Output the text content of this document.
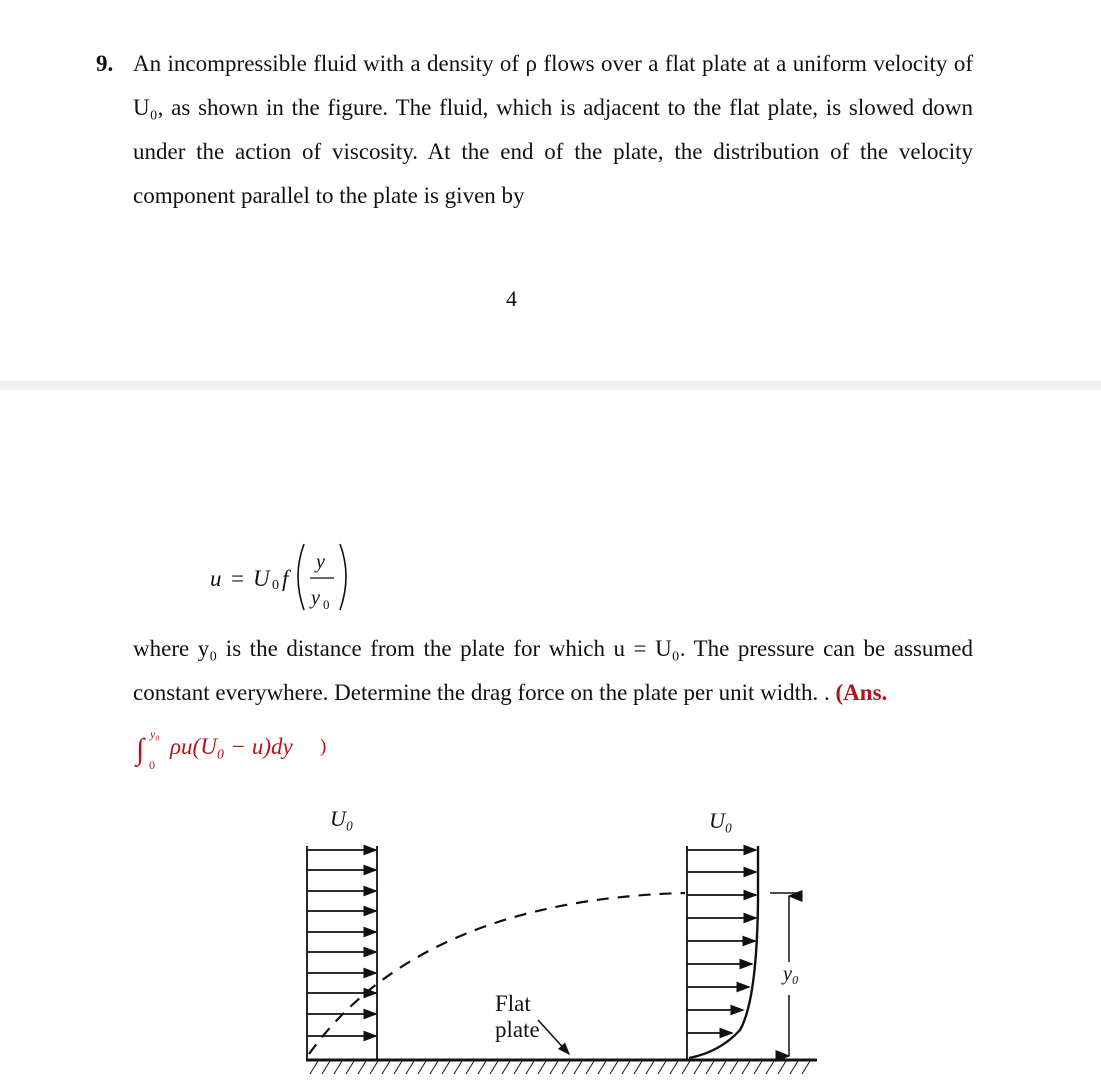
9. An incompressible fluid with a density of ρ flows over a flat plate at a uniform velocity of U₀, as shown in the figure. The fluid, which is adjacent to the flat plate, is slowed down under the action of viscosity. At the end of the plate, the distribution of the velocity component parallel to the plate is given by
4
u = U 0 f
y
y 0
where y₀ is the distance from the plate for which u = U₀. The pressure can be assumed constant everywhere. Determine the drag force on the plate per unit width. . (Ans.
∫ y₀
0
ρu(U₀ − u)dy )
U₀	U₀
y₀
Flat plate
